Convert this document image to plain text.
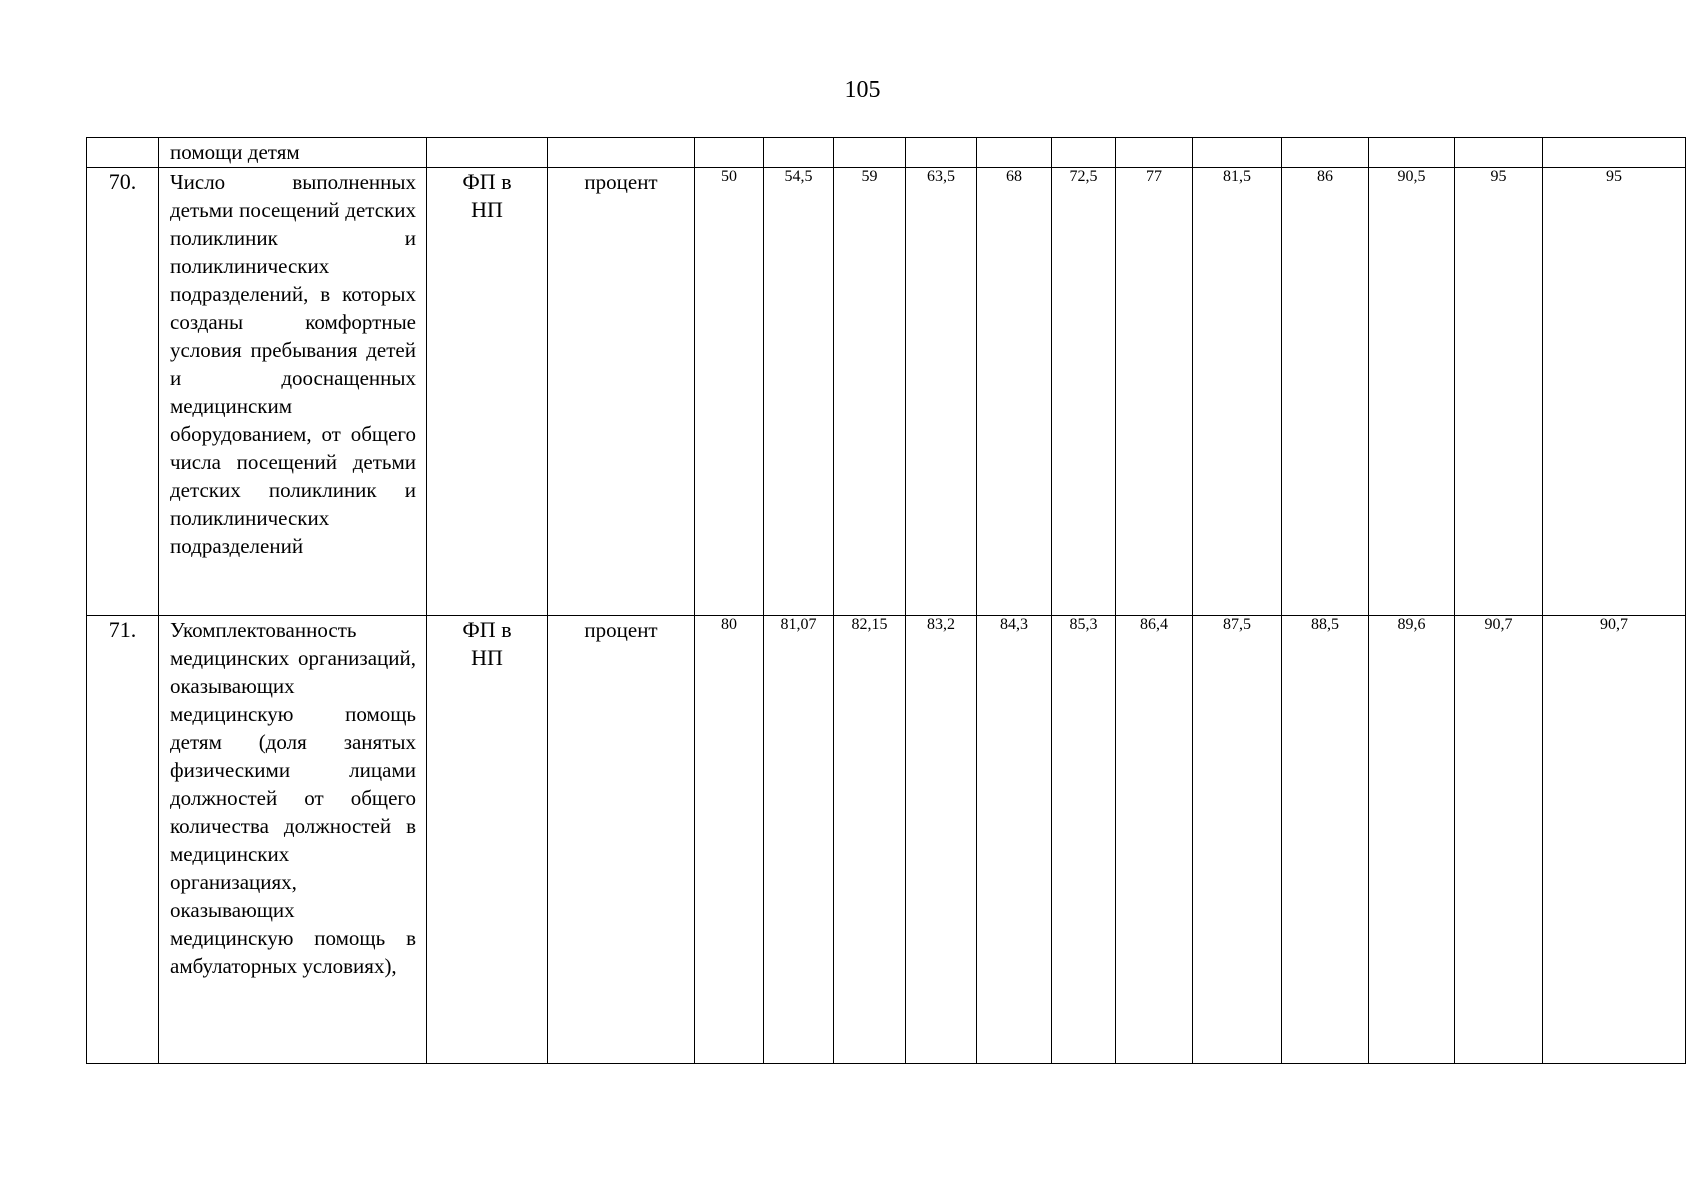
105

	помощи детям														

70.	Число выполненных детьми посещений детских поликлиник и поликлинических подразделений, в которых созданы комфортные условия пребывания детей и дооснащенных медицинским оборудованием, от общего числа посещений детьми детских поликлиник и поликлинических подразделений	ФП в НП	процент	50	54,5	59	63,5	68	72,5	77	81,5	86	90,5	95	95
71.	Укомплектованность медицинских организаций, оказывающих медицинскую помощь детям (доля занятых физическими лицами должностей от общего количества должностей в медицинских организациях, оказывающих медицинскую помощь в амбулаторных условиях),	ФП в НП	процент	80	81,07	82,15	83,2	84,3	85,3	86,4	87,5	88,5	89,6	90,7	90,7
